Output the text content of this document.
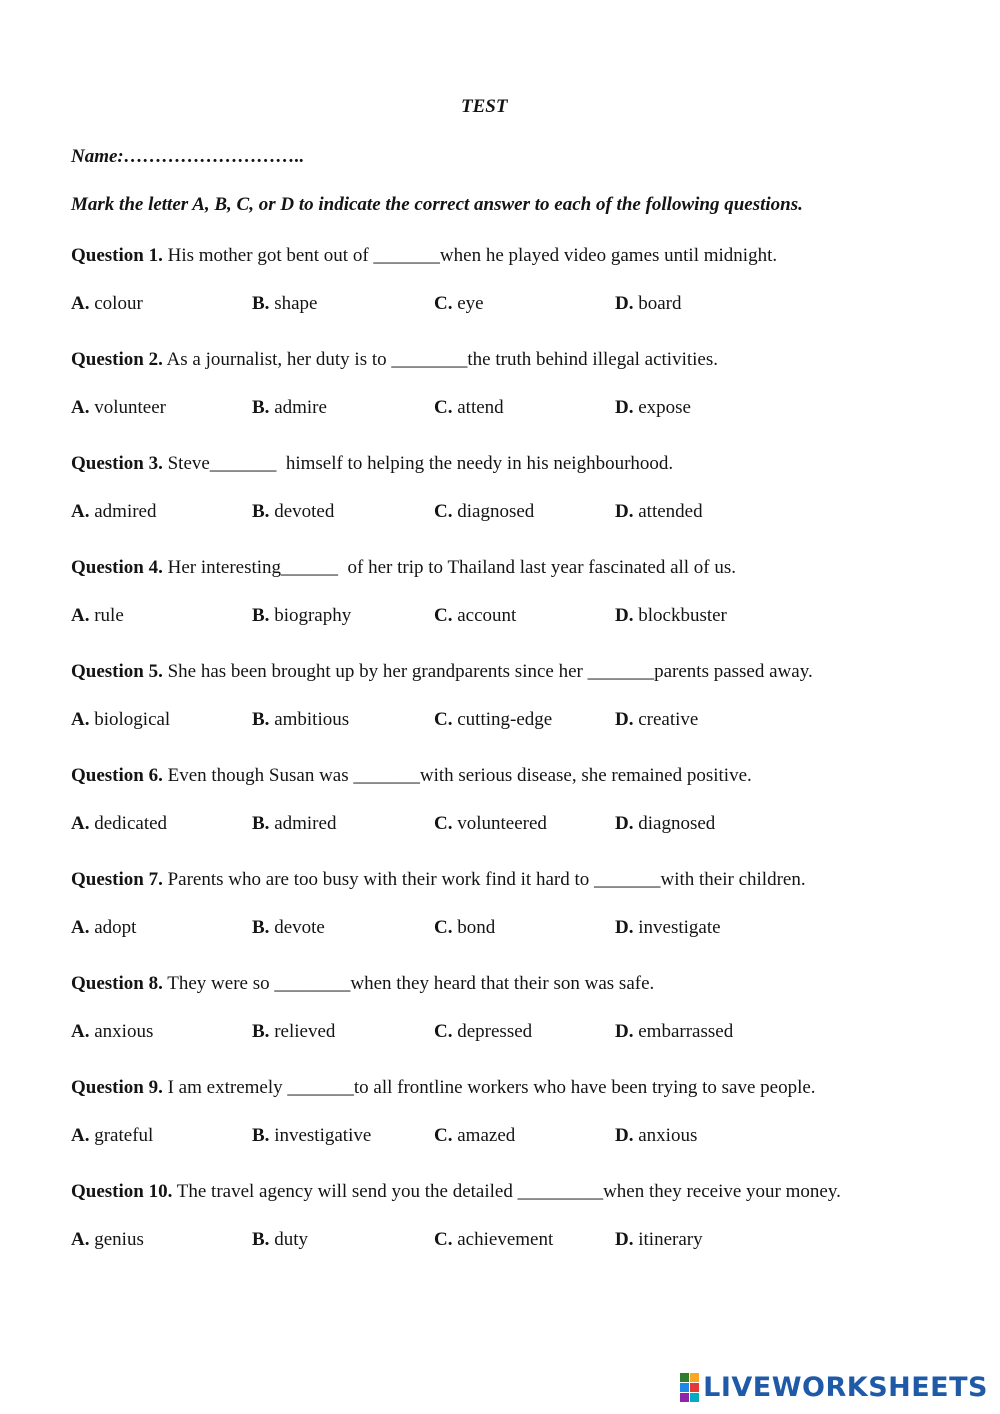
TEST
Name:………………………..
Mark the letter A, B, C, or D to indicate the correct answer to each of the following questions.
Question 1. His mother got bent out of _______when he played video games until midnight.
A. colour	B. shape	C. eye	D. board
Question 2. As a journalist, her duty is to ________the truth behind illegal activities.
A. volunteer	B. admire	C. attend	D. expose
Question 3. Steve_______  himself to helping the needy in his neighbourhood.
A. admired	B. devoted	C. diagnosed	D. attended
Question 4. Her interesting______  of her trip to Thailand last year fascinated all of us.
A. rule	B. biography	C. account	D. blockbuster
Question 5. She has been brought up by her grandparents since her _______parents passed away.
A. biological	B. ambitious	C. cutting-edge	D. creative
Question 6. Even though Susan was _______with serious disease, she remained positive.
A. dedicated	B. admired	C. volunteered	D. diagnosed
Question 7. Parents who are too busy with their work find it hard to _______with their children.
A. adopt	B. devote	C. bond	D. investigate
Question 8. They were so ________when they heard that their son was safe.
A. anxious	B. relieved	C. depressed	D. embarrassed
Question 9. I am extremely _______to all frontline workers who have been trying to save people.
A. grateful	B. investigative	C. amazed	D. anxious
Question 10. The travel agency will send you the detailed _________when they receive your money.
A. genius	B. duty	C. achievement	D. itinerary
LIVEWORKSHEETS
